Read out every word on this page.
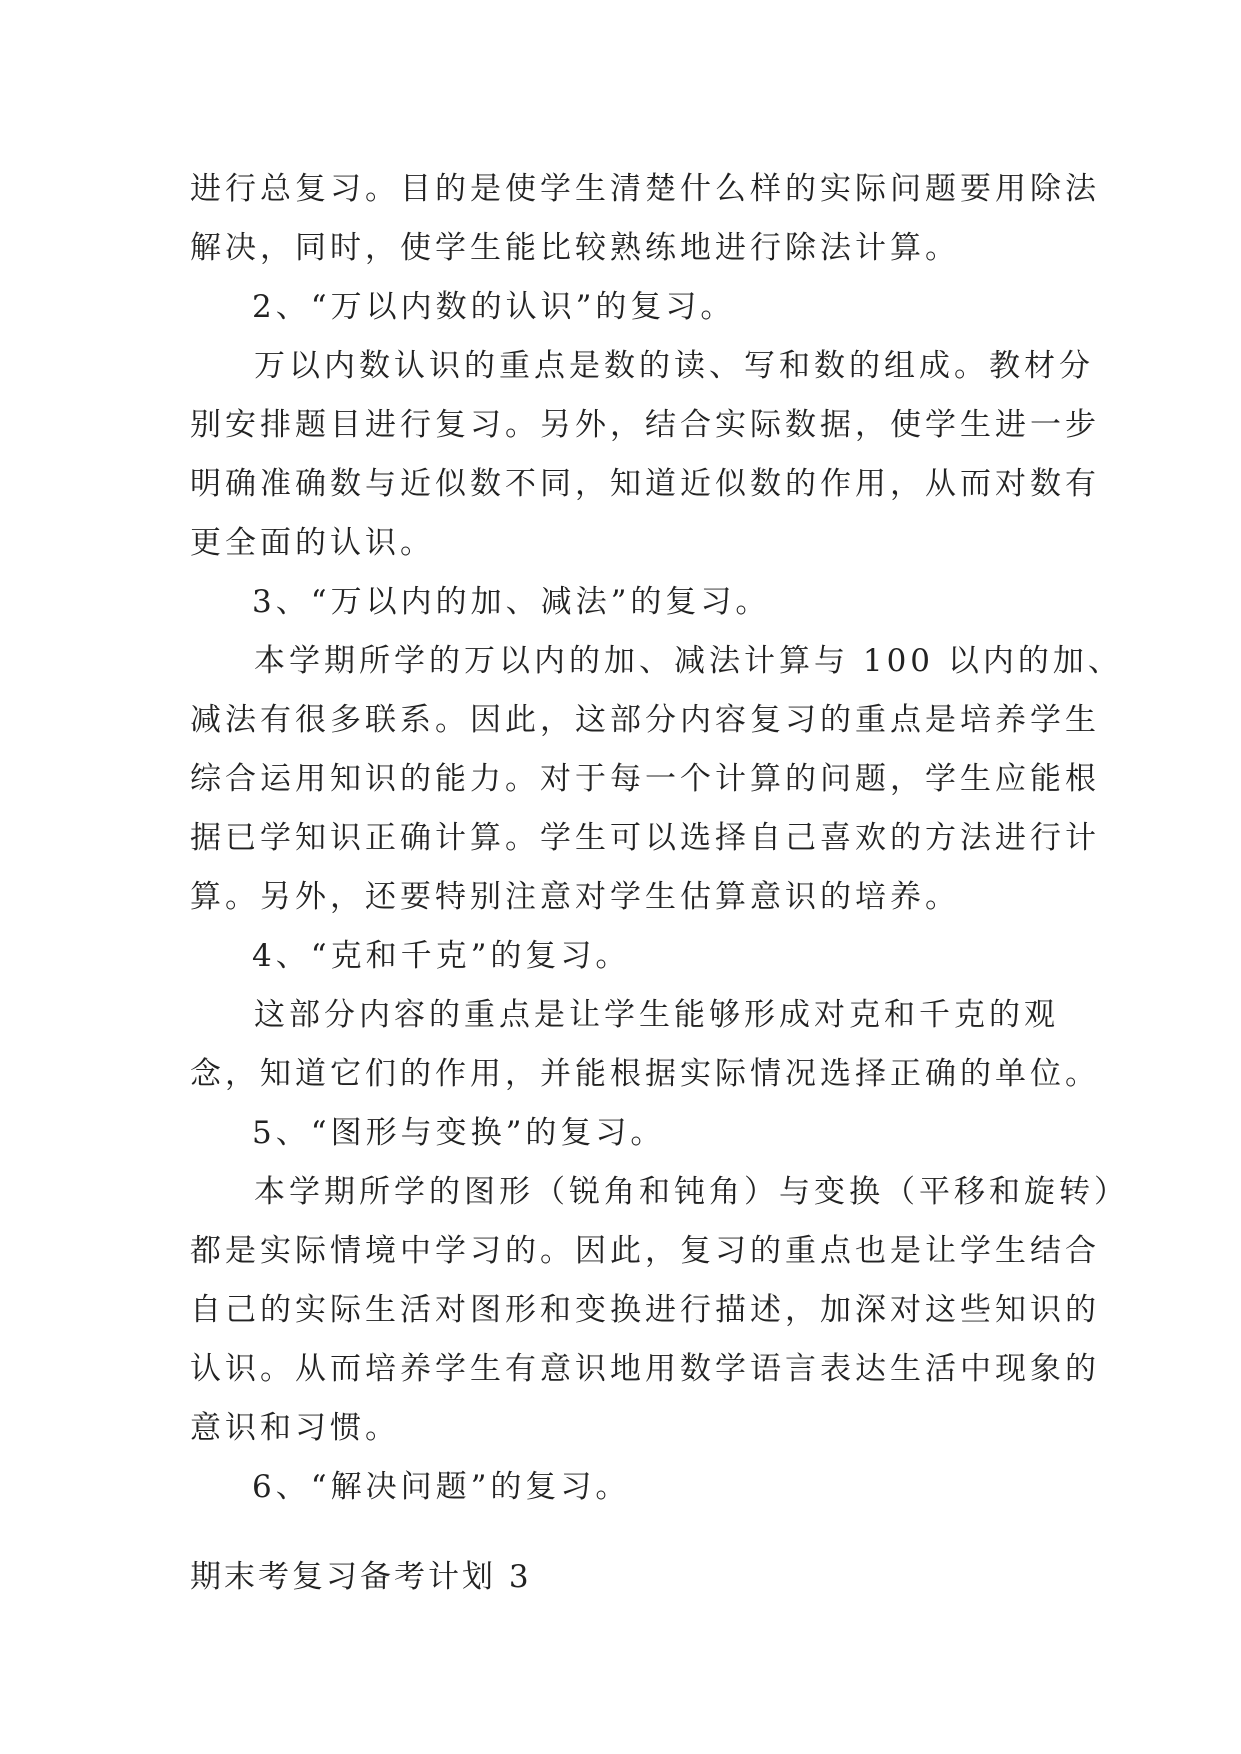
进行总复习。目的是使学生清楚什么样的实际问题要用除法

解决，同时，使学生能比较熟练地进行除法计算。

2、“万以内数的认识”的复习。

万以内数认识的重点是数的读、写和数的组成。教材分

别安排题目进行复习。另外，结合实际数据，使学生进一步

明确准确数与近似数不同，知道近似数的作用，从而对数有

更全面的认识。

3、“万以内的加、减法”的复习。

本学期所学的万以内的加、减法计算与 100 以内的加、

减法有很多联系。因此，这部分内容复习的重点是培养学生

综合运用知识的能力。对于每一个计算的问题，学生应能根

据已学知识正确计算。学生可以选择自己喜欢的方法进行计

算。另外，还要特别注意对学生估算意识的培养。

4、“克和千克”的复习。

这部分内容的重点是让学生能够形成对克和千克的观

念，知道它们的作用，并能根据实际情况选择正确的单位。

5、“图形与变换”的复习。

本学期所学的图形（锐角和钝角）与变换（平移和旋转）

都是实际情境中学习的。因此，复习的重点也是让学生结合

自己的实际生活对图形和变换进行描述，加深对这些知识的

认识。从而培养学生有意识地用数学语言表达生活中现象的

意识和习惯。

6、“解决问题”的复习。

期末考复习备考计划 3
